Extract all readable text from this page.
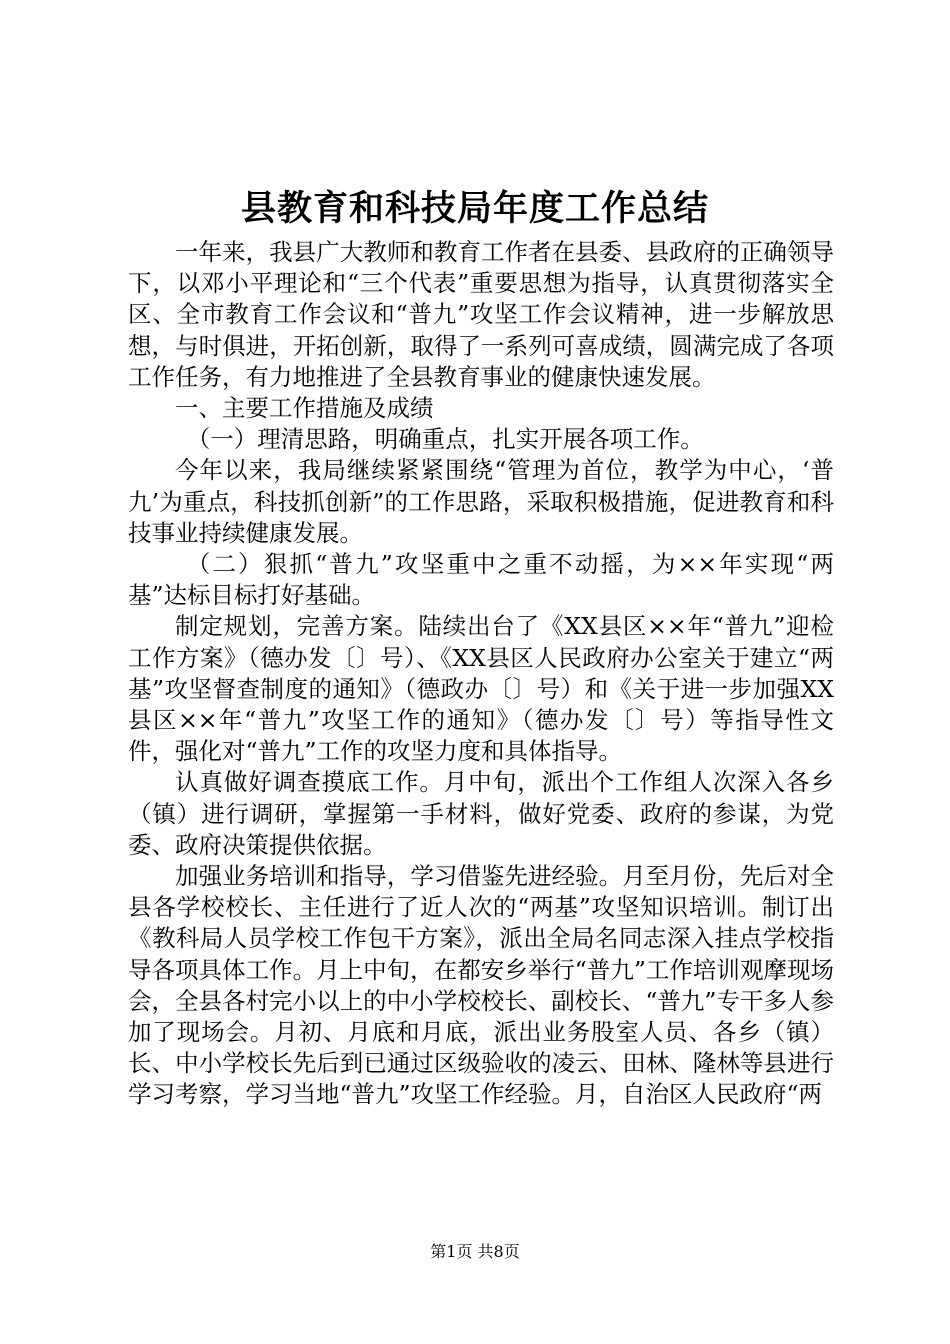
县教育和科技局年度工作总结

一年来，我县广大教师和教育工作者在县委、县政府的正确领导下，以邓小平理论和“三个代表”重要思想为指导，认真贯彻落实全区、全市教育工作会议和“普九”攻坚工作会议精神，进一步解放思想，与时俱进，开拓创新，取得了一系列可喜成绩，圆满完成了各项工作任务，有力地推进了全县教育事业的健康快速发展。

一、主要工作措施及成绩

（一）理清思路，明确重点，扎实开展各项工作。

今年以来，我局继续紧紧围绕“管理为首位，教学为中心，‘普九’为重点，科技抓创新”的工作思路，采取积极措施，促进教育和科技事业持续健康发展。

（二）狠抓“普九”攻坚重中之重不动摇，为××年实现“两基”达标目标打好基础。

制定规划，完善方案。陆续出台了《XX县区××年“普九”迎检工作方案》（德办发〔〕号）、《XX县区人民政府办公室关于建立“两基”攻坚督查制度的通知》（德政办〔〕号）和《关于进一步加强XX县区××年“普九”攻坚工作的通知》（德办发〔〕号）等指导性文件，强化对“普九”工作的攻坚力度和具体指导。

认真做好调查摸底工作。月中旬，派出个工作组人次深入各乡（镇）进行调研，掌握第一手材料，做好党委、政府的参谋，为党委、政府决策提供依据。

加强业务培训和指导，学习借鉴先进经验。月至月份，先后对全县各学校校长、主任进行了近人次的“两基”攻坚知识培训。制订出《教科局人员学校工作包干方案》，派出全局名同志深入挂点学校指导各项具体工作。月上中旬，在都安乡举行“普九”工作培训观摩现场会，全县各村完小以上的中小学校校长、副校长、“普九”专干多人参加了现场会。月初、月底和月底，派出业务股室人员、各乡（镇）长、中小学校长先后到已通过区级验收的凌云、田林、隆林等县进行学习考察，学习当地“普九”攻坚工作经验。月，自治区人民政府“两

第1页 共8页
